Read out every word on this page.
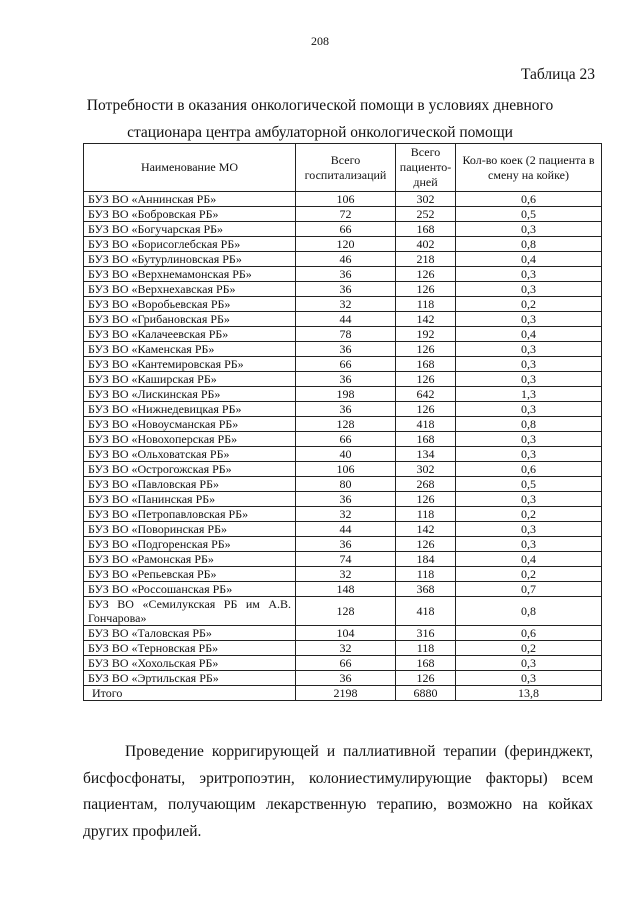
208
Таблица 23
Потребности в оказания онкологической помощи в условиях дневного
стационара центра амбулаторной онкологической помощи
Наименование МО	Всего госпитализаций	Всего пациенто-дней	Кол-во коек (2 пациента в смену на койке)
БУЗ ВО «Аннинская РБ»	106	302	0,6
БУЗ ВО «Бобровская РБ»	72	252	0,5
БУЗ ВО «Богучарская РБ»	66	168	0,3
БУЗ ВО «Борисоглебская РБ»	120	402	0,8
БУЗ ВО «Бутурлиновская РБ»	46	218	0,4
БУЗ ВО «Верхнемамонская РБ»	36	126	0,3
БУЗ ВО «Верхнехавская РБ»	36	126	0,3
БУЗ ВО «Воробьевская РБ»	32	118	0,2
БУЗ ВО «Грибановская РБ»	44	142	0,3
БУЗ ВО «Калачеевская РБ»	78	192	0,4
БУЗ ВО «Каменская РБ»	36	126	0,3
БУЗ ВО «Кантемировская РБ»	66	168	0,3
БУЗ ВО «Каширская РБ»	36	126	0,3
БУЗ ВО «Лискинская РБ»	198	642	1,3
БУЗ ВО «Нижнедевицкая РБ»	36	126	0,3
БУЗ ВО «Новоусманская РБ»	128	418	0,8
БУЗ ВО «Новохоперская РБ»	66	168	0,3
БУЗ ВО «Ольховатская РБ»	40	134	0,3
БУЗ ВО «Острогожская РБ»	106	302	0,6
БУЗ ВО «Павловская РБ»	80	268	0,5
БУЗ ВО «Панинская РБ»	36	126	0,3
БУЗ ВО «Петропавловская РБ»	32	118	0,2
БУЗ ВО «Поворинская РБ»	44	142	0,3
БУЗ ВО «Подгоренская РБ»	36	126	0,3
БУЗ ВО «Рамонская РБ»	74	184	0,4
БУЗ ВО «Репьевская РБ»	32	118	0,2
БУЗ ВО «Россошанская РБ»	148	368	0,7
БУЗ ВО «Семилукская РБ им А.В. Гончарова»	128	418	0,8
БУЗ ВО «Таловская РБ»	104	316	0,6
БУЗ ВО «Терновская РБ»	32	118	0,2
БУЗ ВО «Хохольская РБ»	66	168	0,3
БУЗ ВО «Эртильская РБ»	36	126	0,3
Итого	2198	6880	13,8

Проведение корригирующей и паллиативной терапии (феринджект, бисфосфонаты, эритропоэтин, колониестимулирующие факторы) всем пациентам, получающим лекарственную терапию, возможно на койках других профилей.
